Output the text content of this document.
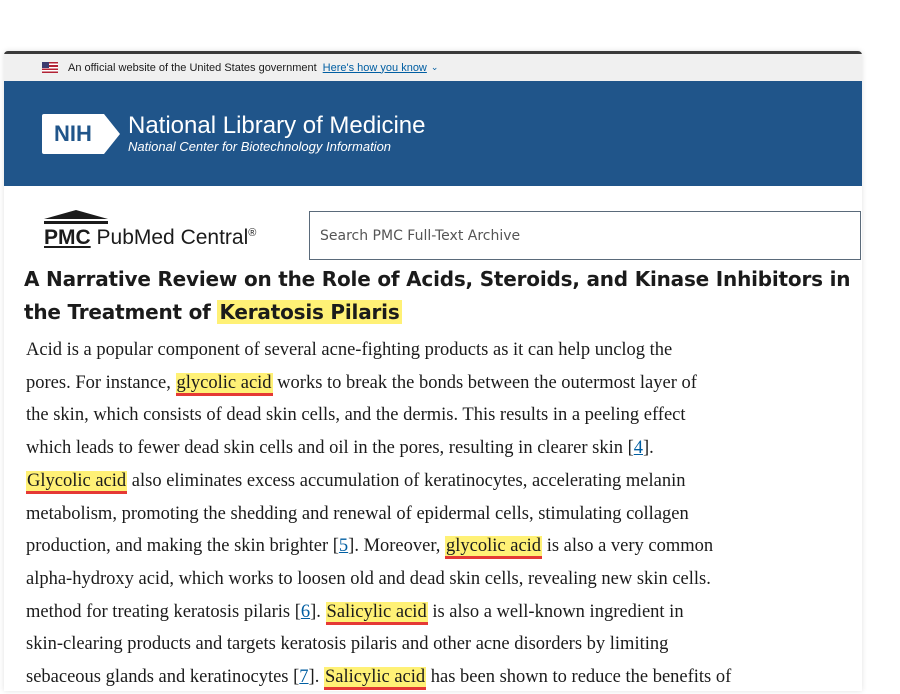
An official website of the United States government Here's how you know ⌄
NIH	National Library of Medicine
National Center for Biotechnology Information
PMC PubMed Central®
Search PMC Full-Text Archive
A Narrative Review on the Role of Acids, Steroids, and Kinase Inhibitors in the Treatment of Keratosis Pilaris
Acid is a popular component of several acne-fighting products as it can help unclog the
pores. For instance, glycolic acid works to break the bonds between the outermost layer of
the skin, which consists of dead skin cells, and the dermis. This results in a peeling effect
which leads to fewer dead skin cells and oil in the pores, resulting in clearer skin [4].
Glycolic acid also eliminates excess accumulation of keratinocytes, accelerating melanin
metabolism, promoting the shedding and renewal of epidermal cells, stimulating collagen
production, and making the skin brighter [5]. Moreover, glycolic acid is also a very common
alpha-hydroxy acid, which works to loosen old and dead skin cells, revealing new skin cells.
method for treating keratosis pilaris [6]. Salicylic acid is also a well-known ingredient in
skin-clearing products and targets keratosis pilaris and other acne disorders by limiting
sebaceous glands and keratinocytes [7]. Salicylic acid has been shown to reduce the benefits of
